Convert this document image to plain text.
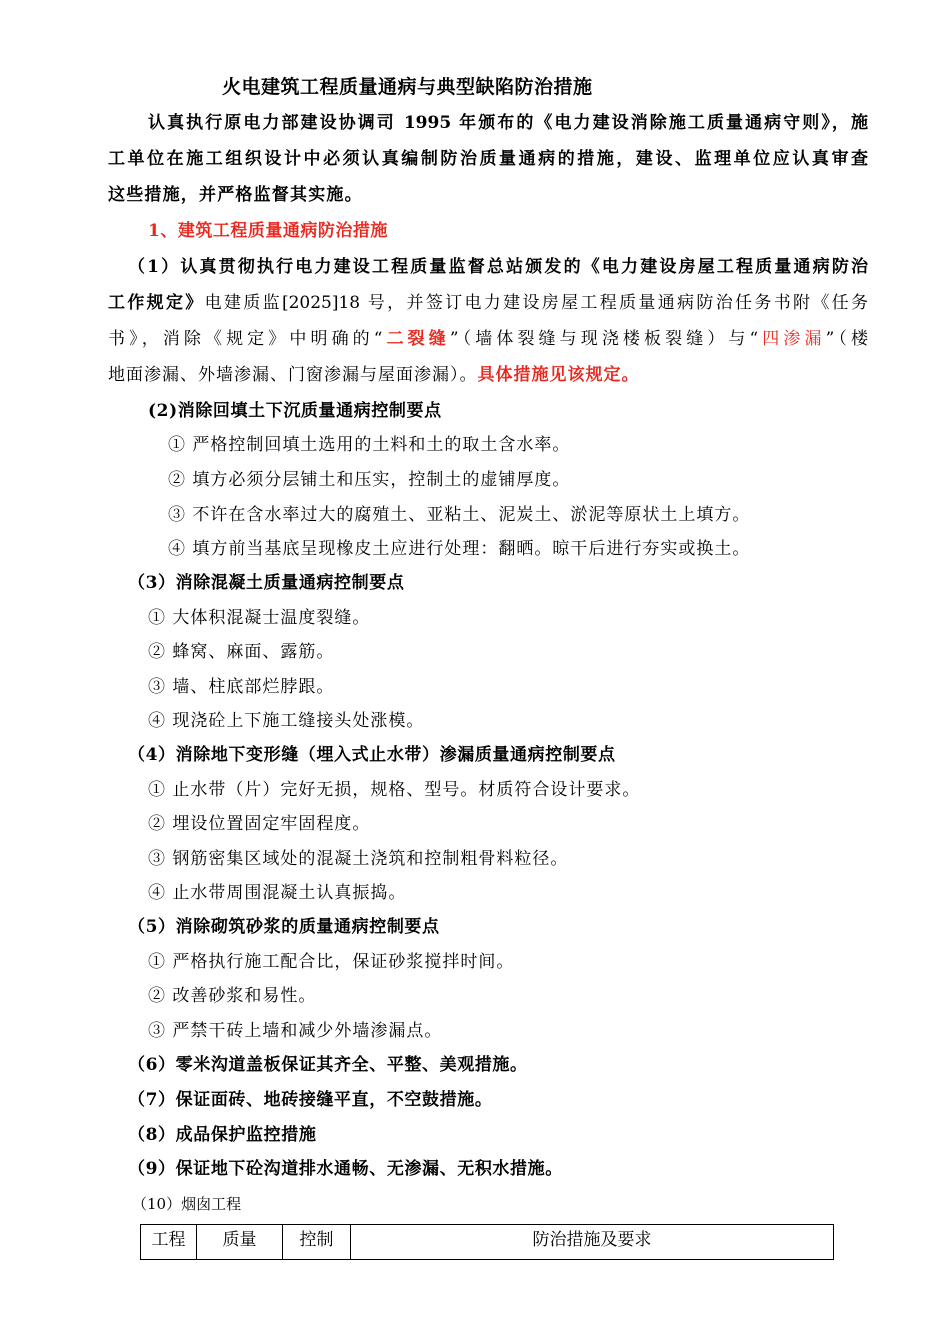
火电建筑工程质量通病与典型缺陷防治措施
认真执行原电力部建设协调司 1995 年颁布的《电力建设消除施工质量通病守则》，施
工单位在施工组织设计中必须认真编制防治质量通病的措施，建设、监理单位应认真审查
这些措施，并严格监督其实施。
1、建筑工程质量通病防治措施
（1）认真贯彻执行电力建设工程质量监督总站颁发的《电力建设房屋工程质量通病防治
工作规定》电建质监[2025]18 号，并签订电力建设房屋工程质量通病防治任务书附《任务
书》，消除《规定》中明确的“二裂缝”（墙体裂缝与现浇楼板裂缝）与“四渗漏”（楼
地面渗漏、外墙渗漏、门窗渗漏与屋面渗漏）。具体措施见该规定。
(2)消除回填土下沉质量通病控制要点
① 严格控制回填土选用的土料和土的取土含水率。
② 填方必须分层铺土和压实，控制土的虚铺厚度。
③ 不许在含水率过大的腐殖土、亚粘土、泥炭土、淤泥等原状土上填方。
④ 填方前当基底呈现橡皮土应进行处理：翻晒。晾干后进行夯实或换土。
（3）消除混凝土质量通病控制要点
① 大体积混凝士温度裂缝。
② 蜂窝、麻面、露筋。
③ 墙、柱底部烂脖跟。
④ 现浇砼上下施工缝接头处涨模。
（4）消除地下变形缝（埋入式止水带）渗漏质量通病控制要点
① 止水带（片）完好无损，规格、型号。材质符合设计要求。
② 埋设位置固定牢固程度。
③ 钢筋密集区域处的混凝土浇筑和控制粗骨料粒径。
④ 止水带周围混凝土认真振捣。
（5）消除砌筑砂浆的质量通病控制要点
① 严格执行施工配合比，保证砂浆搅拌时间。
② 改善砂浆和易性。
③ 严禁干砖上墙和减少外墙渗漏点。
（6）零米沟道盖板保证其齐全、平整、美观措施。
（7）保证面砖、地砖接缝平直，不空鼓措施。
（8）成品保护监控措施
（9）保证地下砼沟道排水通畅、无渗漏、无积水措施。
（10）烟囱工程
工程	质量	控制	防治措施及要求
